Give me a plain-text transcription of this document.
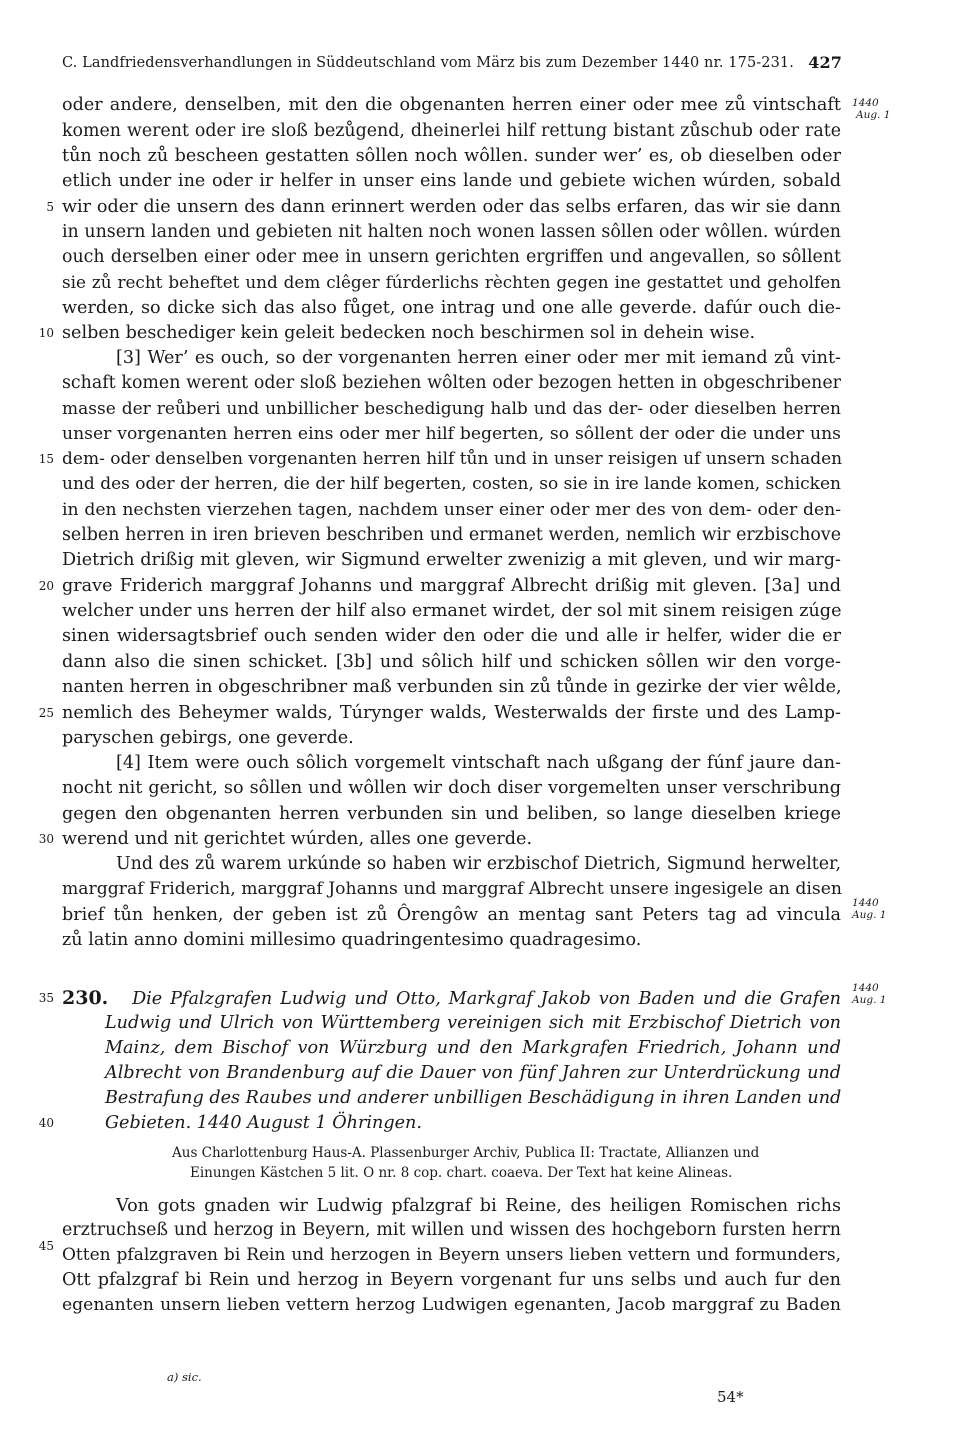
C. Landfriedensverhandlungen in Süddeutschland vom März bis zum Dezember 1440 nr. 175-231. 427
1440
Aug. 1
1440
Aug. 1
1440
Aug. 1
5
10
15
20
25
30
35
40
45
oder andere, denselben, mit den die obgenanten herren einer oder mee zů vintschaft
komen werent oder ire sloß bezůgend, dheinerlei hilf rettung bistant zůschub oder rate
tůn noch zů bescheen gestatten sôllen noch wôllen. sunder wer’ es, ob dieselben oder
etlich under ine oder ir helfer in unser eins lande und gebiete wichen wúrden, sobald
wir oder die unsern des dann erinnert werden oder das selbs erfaren, das wir sie dann
in unsern landen und gebieten nit halten noch wonen lassen sôllen oder wôllen. wúrden
ouch derselben einer oder mee in unsern gerichten ergriffen und angevallen, so sôllent
sie zů recht beheftet und dem clêger fúrderlichs rèchten gegen ine gestattet und geholfen
werden, so dicke sich das also fůget, one intrag und one alle geverde. dafúr ouch die-
selben beschediger kein geleit bedecken noch beschirmen sol in dehein wise.
[3] Wer’ es ouch, so der vorgenanten herren einer oder mer mit iemand zů vint-
schaft komen werent oder sloß beziehen wôlten oder bezogen hetten in obgeschribener
masse der reůberi und unbillicher beschedigung halb und das der- oder dieselben herren
unser vorgenanten herren eins oder mer hilf begerten, so sôllent der oder die under uns
dem- oder denselben vorgenanten herren hilf tůn und in unser reisigen uf unsern schaden
und des oder der herren, die der hilf begerten, costen, so sie in ire lande komen, schicken
in den nechsten vierzehen tagen, nachdem unser einer oder mer des von dem- oder den-
selben herren in iren brieven beschriben und ermanet werden, nemlich wir erzbischove
Dietrich drißig mit gleven, wir Sigmund erwelter zwenizig a mit gleven, und wir marg-
grave Friderich marggraf Johanns und marggraf Albrecht drißig mit gleven. [3a] und
welcher under uns herren der hilf also ermanet wirdet, der sol mit sinem reisigen zúge
sinen widersagtsbrief ouch senden wider den oder die und alle ir helfer, wider die er
dann also die sinen schicket. [3b] und sôlich hilf und schicken sôllen wir den vorge-
nanten herren in obgeschribner maß verbunden sin zů tůnde in gezirke der vier wêlde,
nemlich des Beheymer walds, Túrynger walds, Westerwalds der firste und des Lamp-
paryschen gebirgs, one geverde.
[4] Item were ouch sôlich vorgemelt vintschaft nach ußgang der fúnf jaure dan-
nocht nit gericht, so sôllen und wôllen wir doch diser vorgemelten unser verschribung
gegen den obgenanten herren verbunden sin und beliben, so lange dieselben kriege
werend und nit gerichtet wúrden, alles one geverde.
Und des zů warem urkúnde so haben wir erzbischof Dietrich, Sigmund herwelter,
marggraf Friderich, marggraf Johanns und marggraf Albrecht unsere ingesigele an disen
brief tůn henken, der geben ist zů Ôrengôw an mentag sant Peters tag ad vincula
zů latin anno domini millesimo quadringentesimo quadragesimo.
230. Die Pfalzgrafen Ludwig und Otto, Markgraf Jakob von Baden und die Grafen
Ludwig und Ulrich von Württemberg vereinigen sich mit Erzbischof Dietrich von
Mainz, dem Bischof von Würzburg und den Markgrafen Friedrich, Johann und
Albrecht von Brandenburg auf die Dauer von fünf Jahren zur Unterdrückung und
Bestrafung des Raubes und anderer unbilligen Beschädigung in ihren Landen und
Gebieten. 1440 August 1 Öhringen.
Aus Charlottenburg Haus-A. Plassenburger Archiv, Publica II: Tractate, Allianzen und
Einungen Kästchen 5 lit. O nr. 8 cop. chart. coaeva. Der Text hat keine Alineas.
Von gots gnaden wir Ludwig pfalzgraf bi Reine, des heiligen Romischen richs
erztruchseß und herzog in Beyern, mit willen und wissen des hochgeborn fursten herrn
Otten pfalzgraven bi Rein und herzogen in Beyern unsers lieben vettern und formunders,
Ott pfalzgraf bi Rein und herzog in Beyern vorgenant fur uns selbs und auch fur den
egenanten unsern lieben vettern herzog Ludwigen egenanten, Jacob marggraf zu Baden
a) sic.
54*
